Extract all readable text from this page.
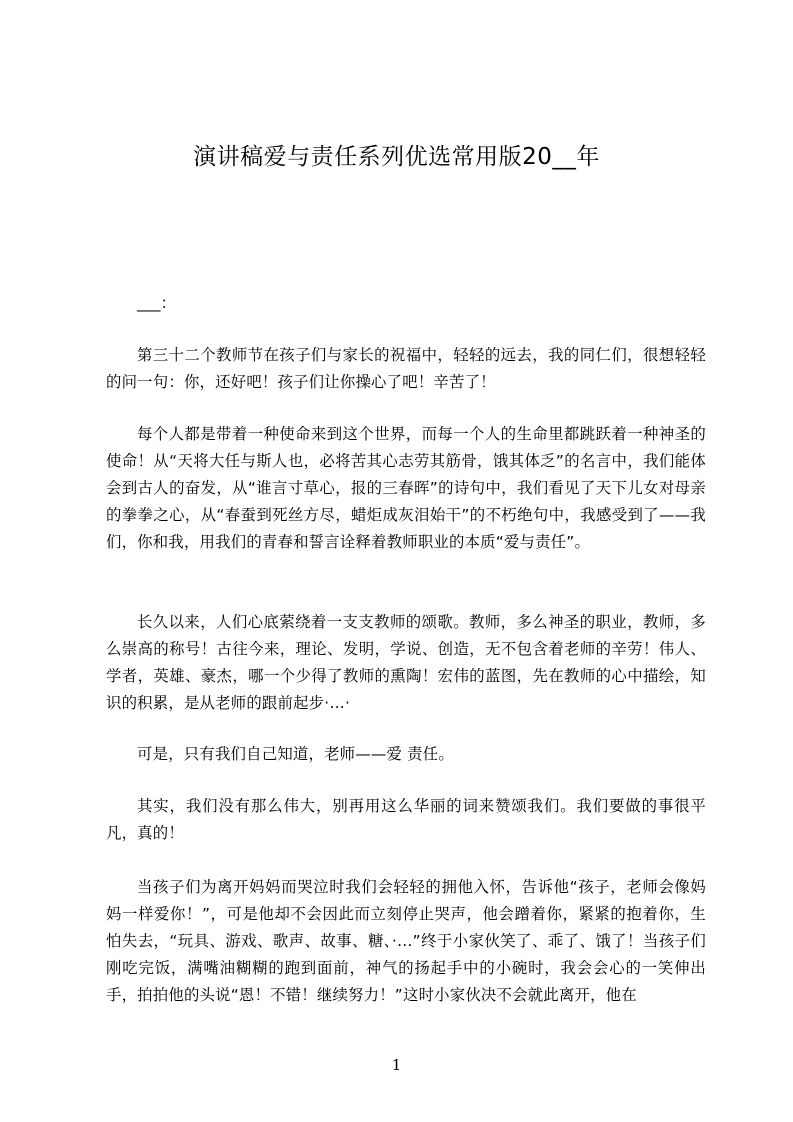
演讲稿爱与责任系列优选常用版20__年

___：

第三十二个教师节在孩子们与家长的祝福中，轻轻的远去，我的同仁们，很想轻轻的问一句：你，还好吧！孩子们让你操心了吧！辛苦了！

每个人都是带着一种使命来到这个世界，而每一个人的生命里都跳跃着一种神圣的使命！从“天将大任与斯人也，必将苦其心志劳其筋骨，饿其体乏”的名言中，我们能体会到古人的奋发，从“谁言寸草心，报的三春晖”的诗句中，我们看见了天下儿女对母亲的拳拳之心，从“春蚕到死丝方尽，蜡炬成灰泪始干”的不朽绝句中，我感受到了——我们，你和我，用我们的青春和誓言诠释着教师职业的本质“爱与责任”。

长久以来，人们心底萦绕着一支支教师的颂歌。教师，多么神圣的职业，教师，多么崇高的称号！古往今来，理论、发明，学说、创造，无不包含着老师的辛劳！伟人、学者，英雄、豪杰，哪一个少得了教师的熏陶！宏伟的蓝图，先在教师的心中描绘，知识的积累，是从老师的跟前起步·…·

可是，只有我们自己知道，老师——爱 责任。

其实，我们没有那么伟大，别再用这么华丽的词来赞颂我们。我们要做的事很平凡，真的！

当孩子们为离开妈妈而哭泣时我们会轻轻的拥他入怀，告诉他“孩子，老师会像妈妈一样爱你！”，可是他却不会因此而立刻停止哭声，他会蹭着你，紧紧的抱着你，生怕失去，“玩具、游戏、歌声、故事、糖、·…”终于小家伙笑了、乖了、饿了！当孩子们刚吃完饭，满嘴油糊糊的跑到面前，神气的扬起手中的小碗时，我会会心的一笑伸出手，拍拍他的头说“恩！不错！继续努力！”这时小家伙决不会就此离开，他在

1
